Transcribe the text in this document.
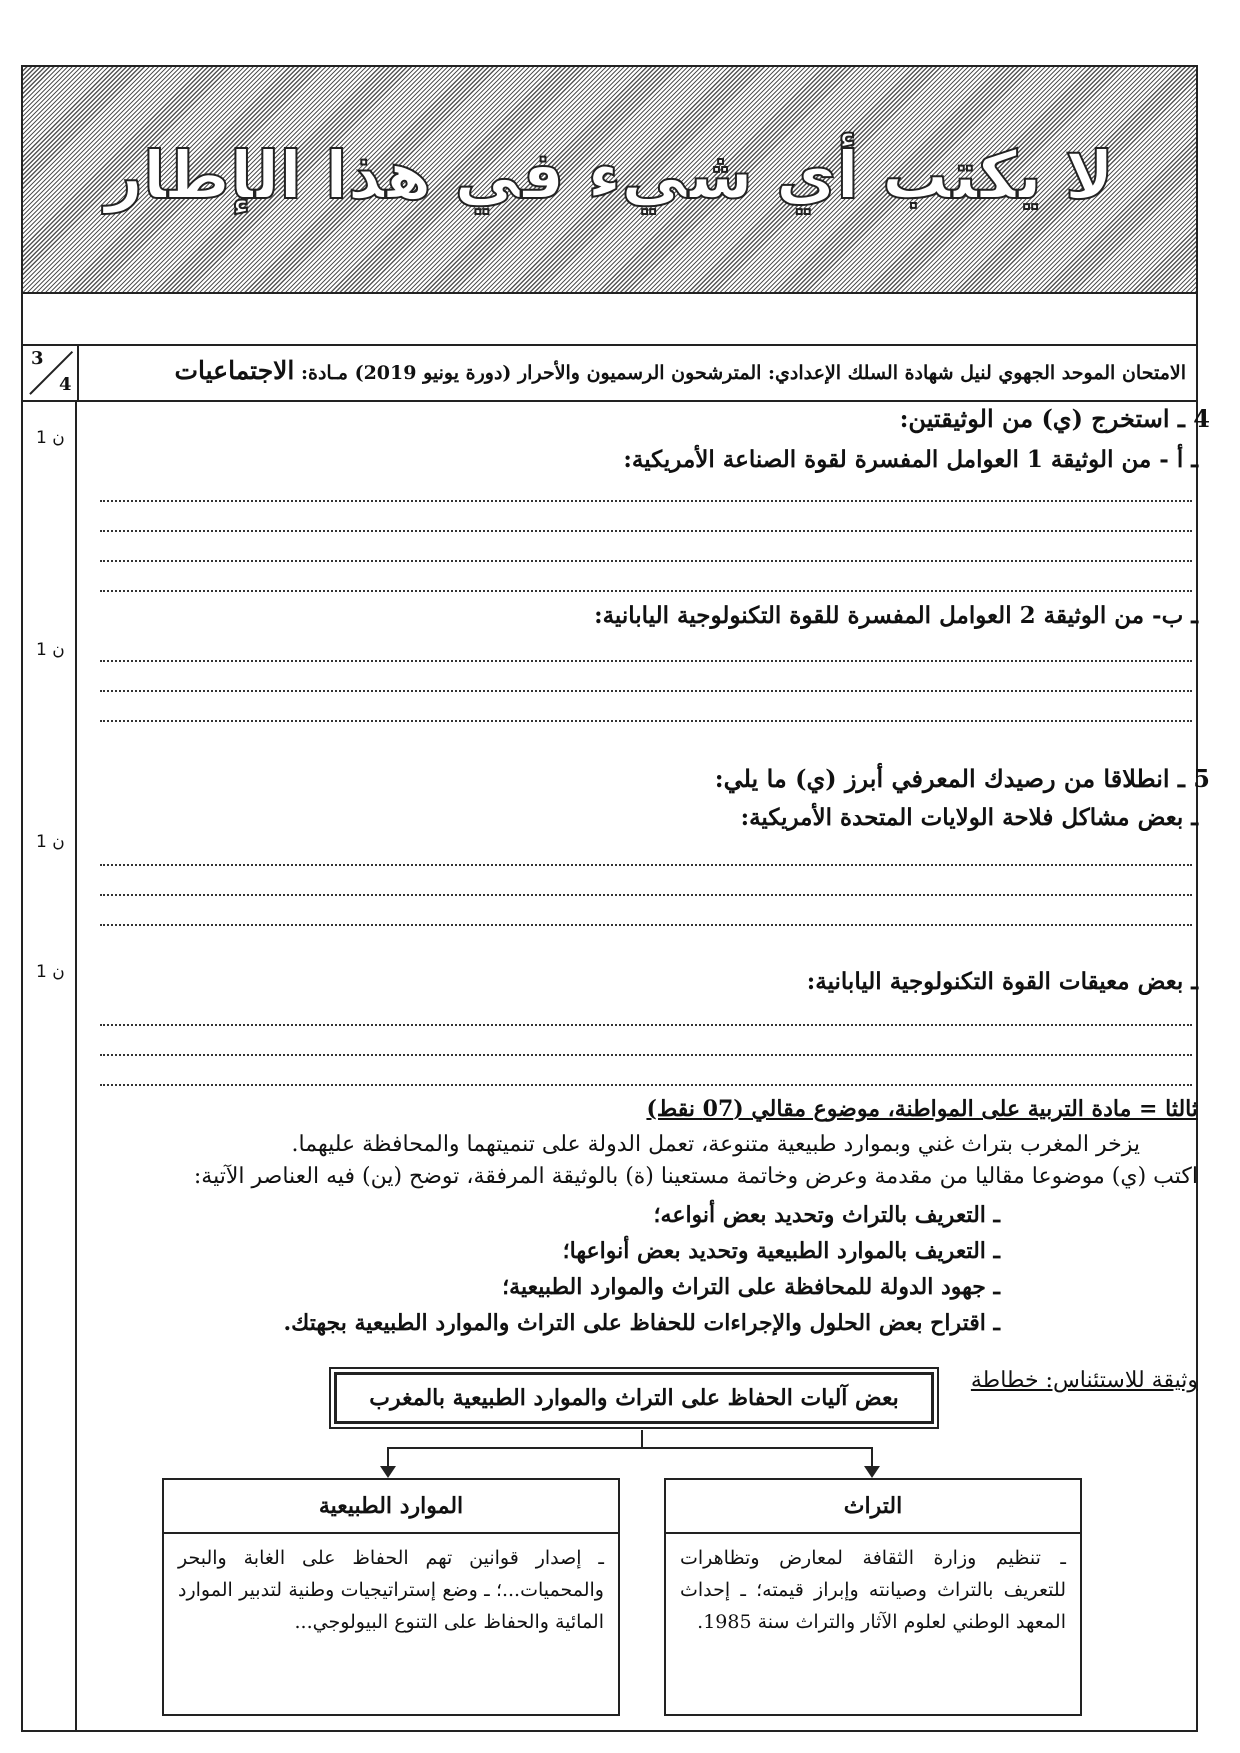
لا يكتب أي شيء في هذا الإطار
3
4
الامتحان الموحد الجهوي لنيل شهادة السلك الإعدادي: المترشحون الرسميون والأحرار (دورة يونيو 2019) مـادة: الاجتماعيات
1 ن
1 ن
1 ن
1 ن
4 ـ استخرج (ي) من الوثيقتين:
ـ أ - من الوثيقة 1 العوامل المفسرة لقوة الصناعة الأمريكية:
ـ ب- من الوثيقة 2 العوامل المفسرة للقوة التكنولوجية اليابانية:
5 ـ انطلاقا من رصيدك المعرفي أبرز (ي) ما يلي:
ـ بعض مشاكل فلاحة الولايات المتحدة الأمريكية:
ـ بعض معيقات القوة التكنولوجية اليابانية:
ثالثا = مادة التربية على المواطنة، موضوع مقالي (07 نقط)
يزخر المغرب بتراث غني وبموارد طبيعية متنوعة، تعمل الدولة على تنميتهما والمحافظة عليهما.
اكتب (ي) موضوعا مقاليا من مقدمة وعرض وخاتمة مستعينا (ة) بالوثيقة المرفقة، توضح (ين) فيه العناصر الآتية:
ـ التعريف بالتراث وتحديد بعض أنواعه؛
ـ التعريف بالموارد الطبيعية وتحديد بعض أنواعها؛
ـ جهود الدولة للمحافظة على التراث والموارد الطبيعية؛
ـ اقتراح بعض الحلول والإجراءات للحفاظ على التراث والموارد الطبيعية بجهتك.
وثيقة للاستئناس: خطاطة
بعض آليات الحفاظ على التراث والموارد الطبيعية بالمغرب
الموارد الطبيعية
ـ إصدار قوانين تهم الحفاظ على الغابة والبحر والمحميات...؛ ـ وضع إستراتيجيات وطنية لتدبير الموارد المائية والحفاظ على التنوع البيولوجي...
التراث
ـ تنظيم وزارة الثقافة لمعارض وتظاهرات للتعريف بالتراث وصيانته وإبراز قيمته؛ ـ إحداث المعهد الوطني لعلوم الآثار والتراث سنة 1985.
